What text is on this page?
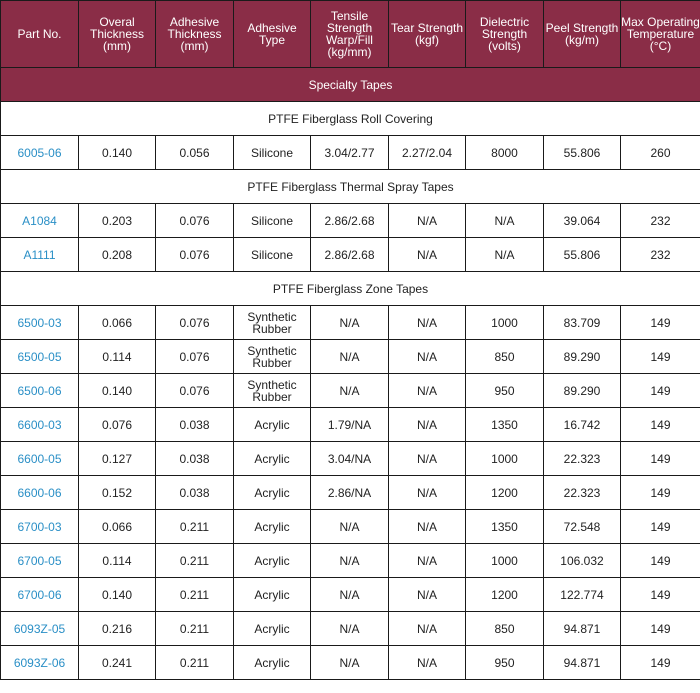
Part No.	Overal Thickness (mm)	Adhesive Thickness (mm)	Adhesive Type	Tensile Strength Warp/Fill (kg/mm)	Tear Strength (kgf)	Dielectric Strength (volts)	Peel Strength (kg/m)	Max Operating Temperature (°C)
Specialty Tapes								
PTFE Fiberglass Roll Covering								
6005-06	0.140	0.056	Silicone	3.04/2.77	2.27/2.04	8000	55.806	260
PTFE Fiberglass Thermal Spray Tapes								
A1084	0.203	0.076	Silicone	2.86/2.68	N/A	N/A	39.064	232
A1111	0.208	0.076	Silicone	2.86/2.68	N/A	N/A	55.806	232
PTFE Fiberglass Zone Tapes								
6500-03	0.066	0.076	Synthetic Rubber	N/A	N/A	1000	83.709	149
6500-05	0.114	0.076	Synthetic Rubber	N/A	N/A	850	89.290	149
6500-06	0.140	0.076	Synthetic Rubber	N/A	N/A	950	89.290	149
6600-03	0.076	0.038	Acrylic	1.79/NA	N/A	1350	16.742	149
6600-05	0.127	0.038	Acrylic	3.04/NA	N/A	1000	22.323	149
6600-06	0.152	0.038	Acrylic	2.86/NA	N/A	1200	22.323	149
6700-03	0.066	0.211	Acrylic	N/A	N/A	1350	72.548	149
6700-05	0.114	0.211	Acrylic	N/A	N/A	1000	106.032	149
6700-06	0.140	0.211	Acrylic	N/A	N/A	1200	122.774	149
6093Z-05	0.216	0.211	Acrylic	N/A	N/A	850	94.871	149
6093Z-06	0.241	0.211	Acrylic	N/A	N/A	950	94.871	149
